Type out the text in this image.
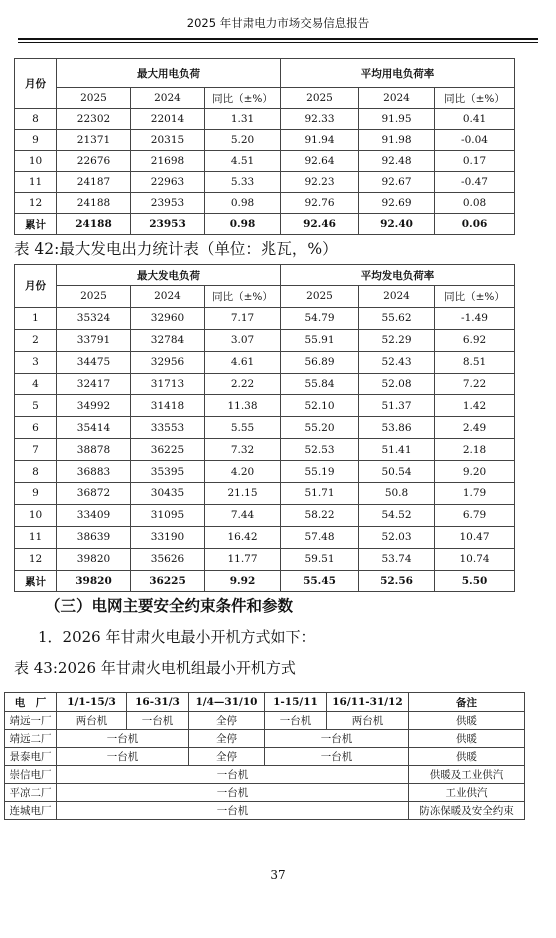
2025 年甘肃电力市场交易信息报告
月份	最大用电负荷			平均用电负荷率		
	2025	2024	同比（±%）	2025	2024	同比（±%）
8	22302	22014	1.31	92.33	91.95	0.41
9	21371	20315	5.20	91.94	91.98	-0.04
10	22676	21698	4.51	92.64	92.48	0.17
11	24187	22963	5.33	92.23	92.67	-0.47
12	24188	23953	0.98	92.76	92.69	0.08
累计	24188	23953	0.98	92.46	92.40	0.06
表 42:最大发电出力统计表（单位：兆瓦，%）
月份	最大发电负荷			平均发电负荷率		
	2025	2024	同比（±%）	2025	2024	同比（±%）
1	35324	32960	7.17	54.79	55.62	-1.49
2	33791	32784	3.07	55.91	52.29	6.92
3	34475	32956	4.61	56.89	52.43	8.51
4	32417	31713	2.22	55.84	52.08	7.22
5	34992	31418	11.38	52.10	51.37	1.42
6	35414	33553	5.55	55.20	53.86	2.49
7	38878	36225	7.32	52.53	51.41	2.18
8	36883	35395	4.20	55.19	50.54	9.20
9	36872	30435	21.15	51.71	50.8	1.79
10	33409	31095	7.44	58.22	54.52	6.79
11	38639	33190	16.42	57.48	52.03	10.47
12	39820	35626	11.77	59.51	53.74	10.74
累计	39820	36225	9.92	55.45	52.56	5.50
（三）电网主要安全约束条件和参数
1．2026 年甘肃火电最小开机方式如下：
表 43:2026 年甘肃火电机组最小开机方式
电　厂	1/1-15/3	16-31/3	1/4—31/10	1-15/11	16/11-31/12	备注
靖远一厂	两台机	一台机	全停	一台机	两台机	供暖
靖远二厂	一台机		全停	一台机		供暖
景泰电厂	一台机		全停	一台机		供暖
崇信电厂	一台机					供暖及工业供汽
平凉二厂	一台机					工业供汽
连城电厂	一台机					防冻保暖及安全约束
37
